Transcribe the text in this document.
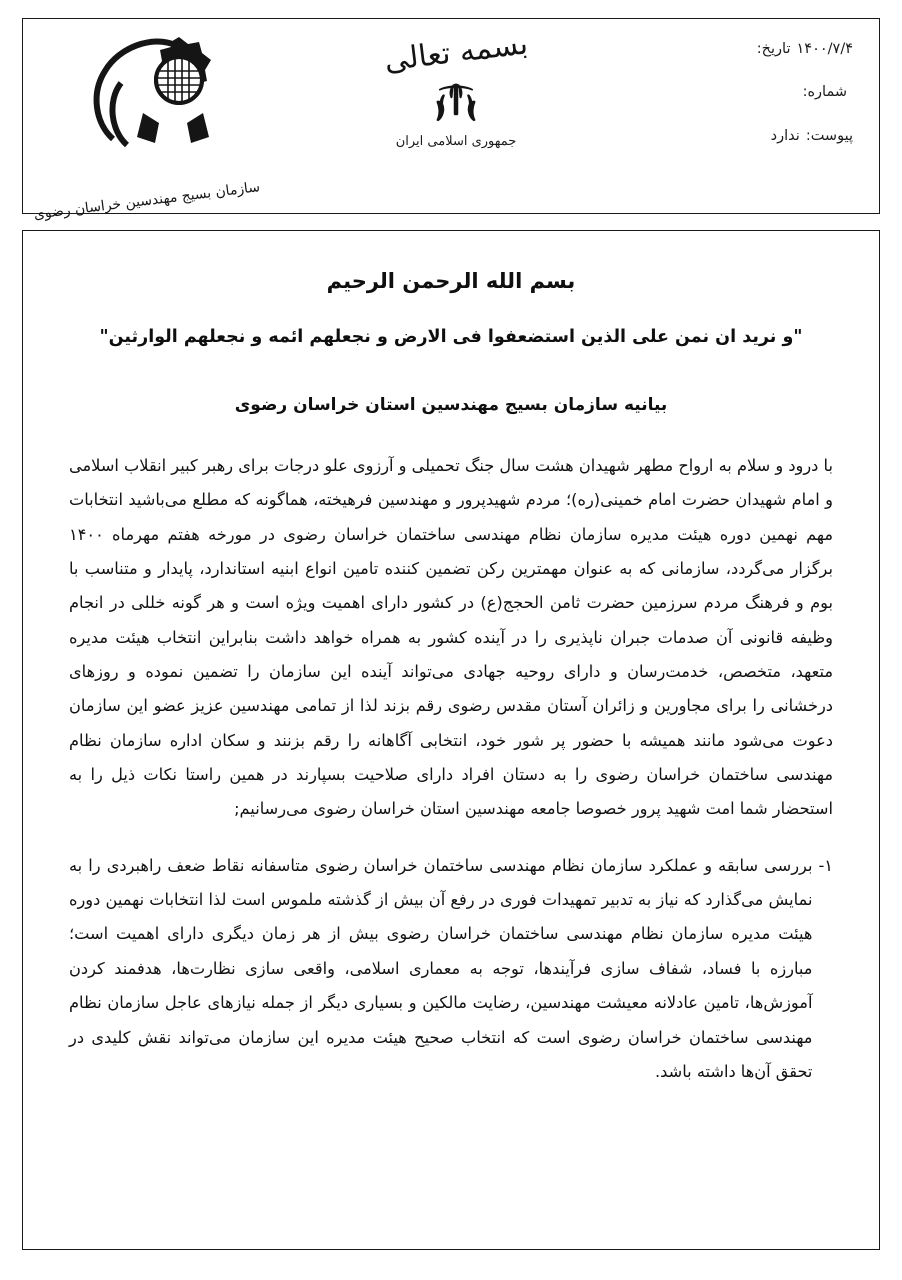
۱۴۰۰/۷/۴
تاریخ:
شماره:
پیوست:
ندارد
بسمه تعالی
جمهوری اسلامی ایران
سازمان بسیج مهندسین خراسان رضوی
بسم الله الرحمن الرحیم
"و نرید ان نمن علی الذین استضعفوا فی الارض و نجعلهم ائمه و نجعلهم الوارثین"
بیانیه سازمان بسیج مهندسین استان خراسان رضوی

با درود و سلام به ارواح مطهر شهیدان هشت سال جنگ تحمیلی و آرزوی علو درجات برای رهبر کبیر انقلاب اسلامی و امام شهیدان حضرت امام خمینی(ره)؛ مردم شهیدپرور و مهندسین فرهیخته، هماگونه که مطلع می‌باشید انتخابات مهم نهمین دوره هیئت مدیره سازمان نظام مهندسی ساختمان خراسان رضوی در مورخه هفتم مهرماه ۱۴۰۰ برگزار می‌گردد، سازمانی که به عنوان مهمترین رکن تضمین کننده تامین انواع ابنیه استاندارد، پایدار و متناسب با بوم و فرهنگ مردم سرزمین حضرت ثامن الحجج(ع) در کشور دارای اهمیت ویژه است و هر گونه خللی در انجام وظیفه قانونی آن صدمات جبران ناپذیری را در آینده کشور به همراه خواهد داشت بنابراین انتخاب هیئت مدیره متعهد، متخصص، خدمت‌رسان و دارای روحیه جهادی می‌تواند آینده این سازمان را تضمین نموده و روزهای درخشانی را برای مجاورین و زائران آستان مقدس رضوی رقم بزند لذا از تمامی مهندسین عزیز عضو این سازمان دعوت می‌شود مانند همیشه با حضور پر شور خود، انتخابی آگاهانه را رقم بزنند و سکان اداره سازمان نظام مهندسی ساختمان خراسان رضوی را به دستان افراد دارای صلاحیت بسپارند در همین راستا نکات ذیل را به استحضار شما امت شهید پرور خصوصا جامعه مهندسین استان خراسان رضوی می‌رسانیم;

۱-

بررسی سابقه و عملکرد سازمان نظام مهندسی ساختمان خراسان رضوی متاسفانه نقاط ضعف راهبردی را به نمایش می‌گذارد که نیاز به تدبیر تمهیدات فوری در رفع آن بیش از گذشته ملموس است لذا انتخابات نهمین دوره هیئت مدیره سازمان نظام مهندسی ساختمان خراسان رضوی بیش از هر زمان دیگری دارای اهمیت است؛ مبارزه با فساد، شفاف سازی فرآیندها، توجه به معماری اسلامی، واقعی سازی نظارت‌ها، هدفمند کردن آموزش‌ها، تامین عادلانه معیشت مهندسین، رضایت مالکین و بسیاری دیگر از جمله نیازهای عاجل سازمان نظام مهندسی ساختمان خراسان رضوی است که انتخاب صحیح هیئت مدیره این سازمان می‌تواند نقش کلیدی در تحقق آن‌ها داشته باشد.
